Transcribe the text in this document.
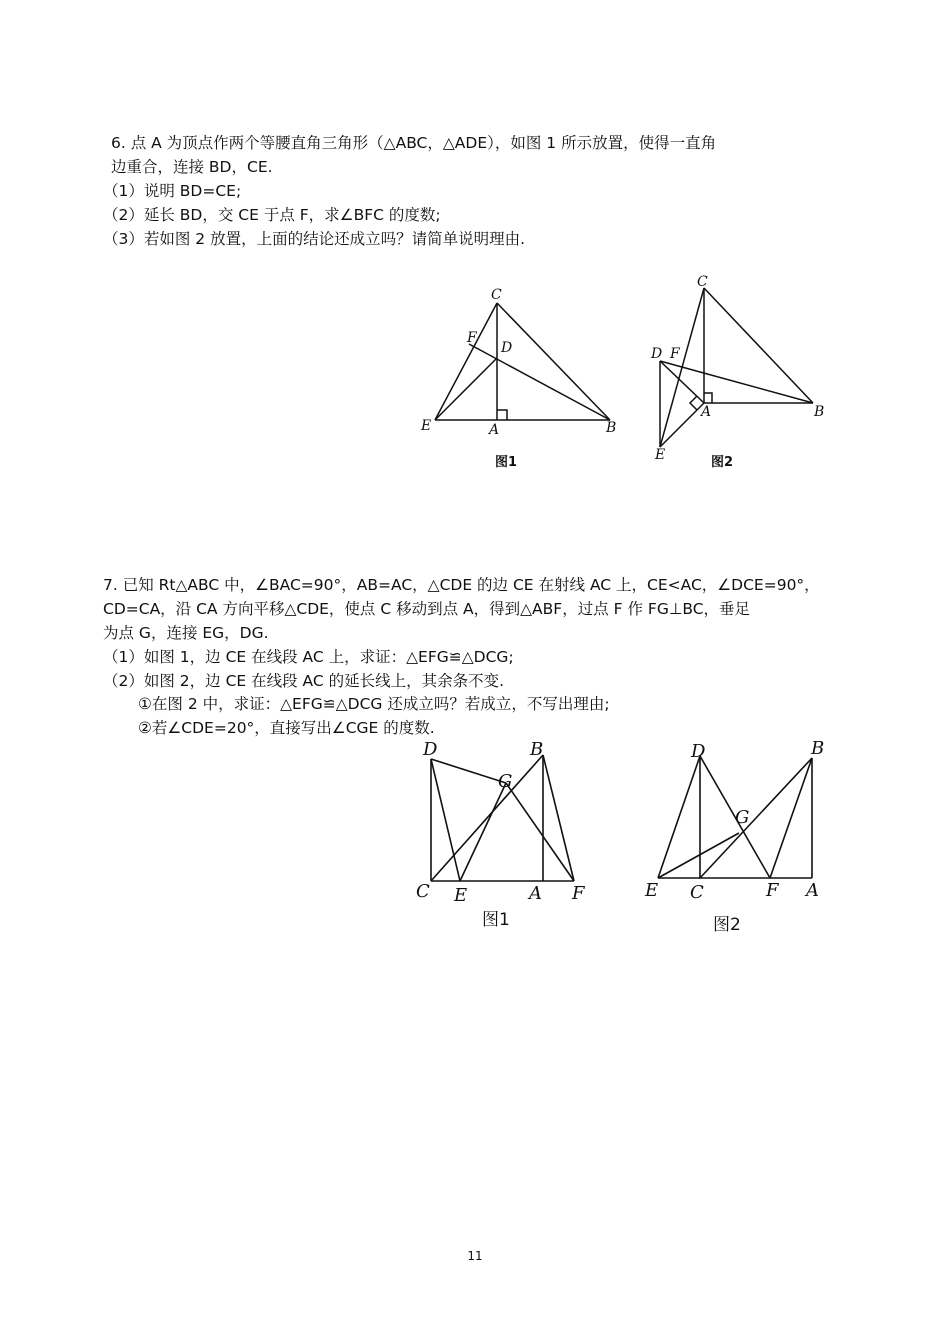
6. 点 A 为顶点作两个等腰直角三角形（△ABC，△ADE），如图 1 所示放置，使得一直角
边重合，连接 BD，CE.
（1）说明 BD=CE;
（2）延长 BD，交 CE 于点 F，求∠BFC 的度数;
（3）若如图 2 放置，上面的结论还成立吗？请简单说明理由.
C
F
D
E	A	B
图1
C
D F
A	B
E	图2
7. 已知 Rt△ABC 中，∠BAC=90°，AB=AC，△CDE 的边 CE 在射线 AC 上，CE<AC，∠DCE=90°，
CD=CA，沿 CA 方向平移△CDE，使点 C 移动到点 A，得到△ABF，过点 F 作 FG⊥BC，垂足
为点 G，连接 EG，DG.
（1）如图 1，边 CE 在线段 AC 上，求证：△EFG≌△DCG;
（2）如图 2，边 CE 在线段 AC 的延长线上，其余条不变.
①在图 2 中，求证：△EFG≌△DCG 还成立吗？若成立，不写出理由;
②若∠CDE=20°，直接写出∠CGE 的度数.
D	B
G
C E	A F
图1
D	B
G
E C	F A
图2
11
